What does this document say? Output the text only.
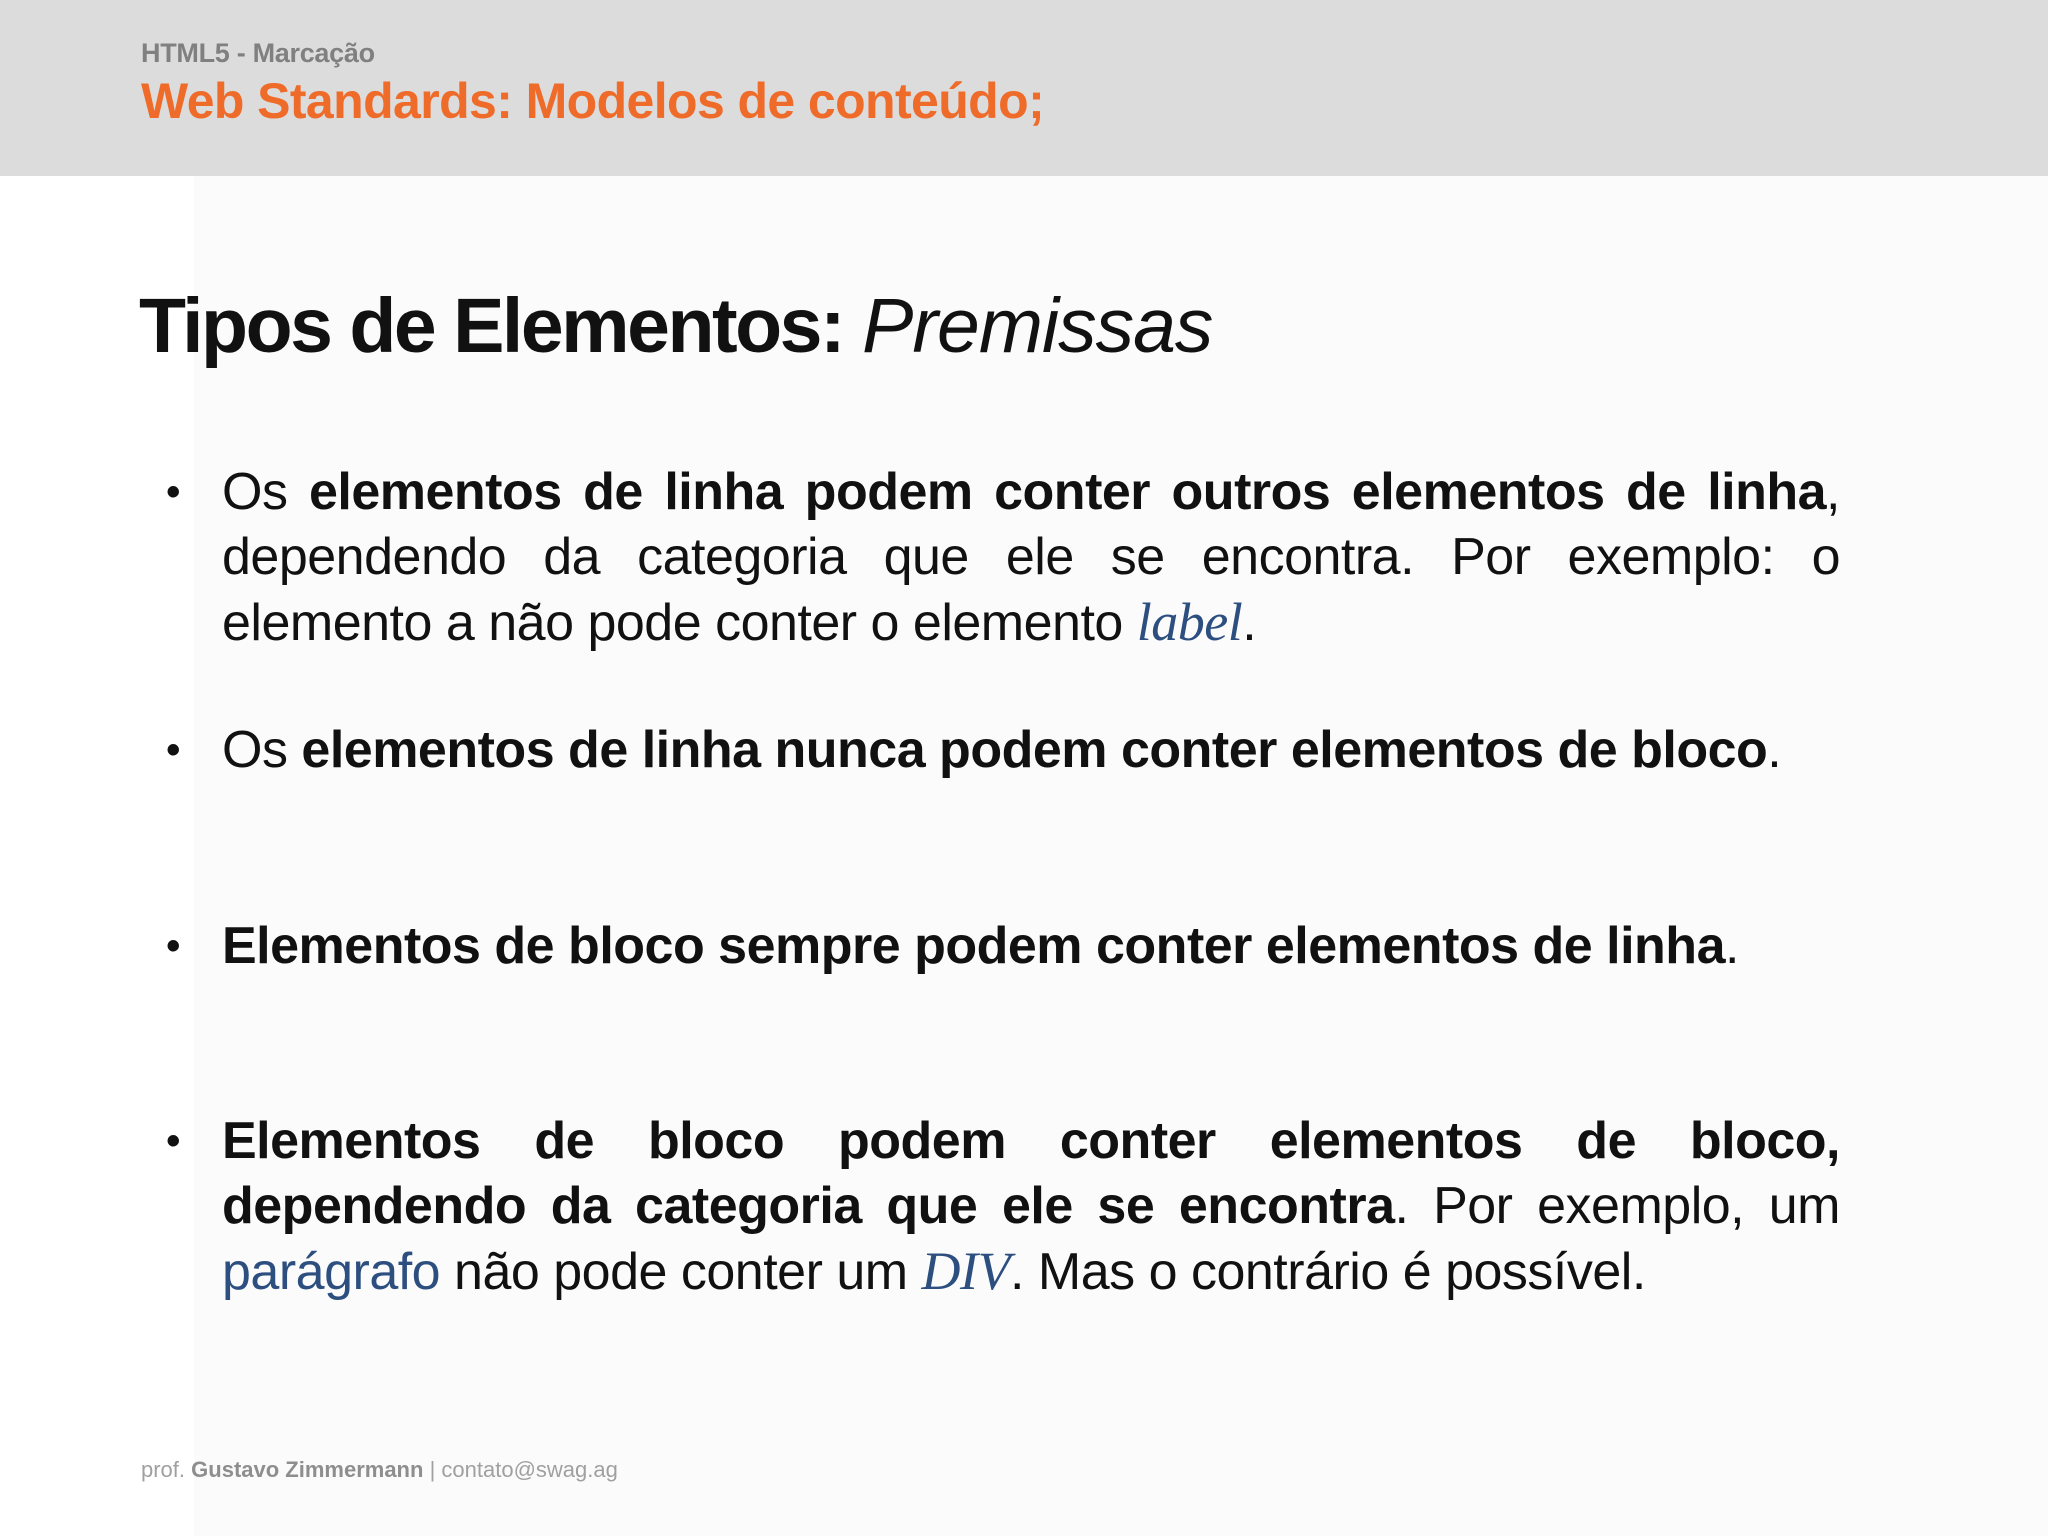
HTML5 - Marcação
Web Standards: Modelos de conteúdo;
Tipos de Elementos: Premissas
• Os elementos de linha podem conter outros elementos de linha, dependendo da categoria que ele se encontra. Por exemplo: o elemento a não pode conter o elemento label.
• Os elementos de linha nunca podem conter elementos de bloco.
• Elementos de bloco sempre podem conter elementos de linha.
• Elementos de bloco podem conter elementos de bloco, dependendo da categoria que ele se encontra. Por exemplo, um parágrafo não pode conter um DIV. Mas o contrário é possível.
prof. Gustavo Zimmermann | contato@swag.ag
